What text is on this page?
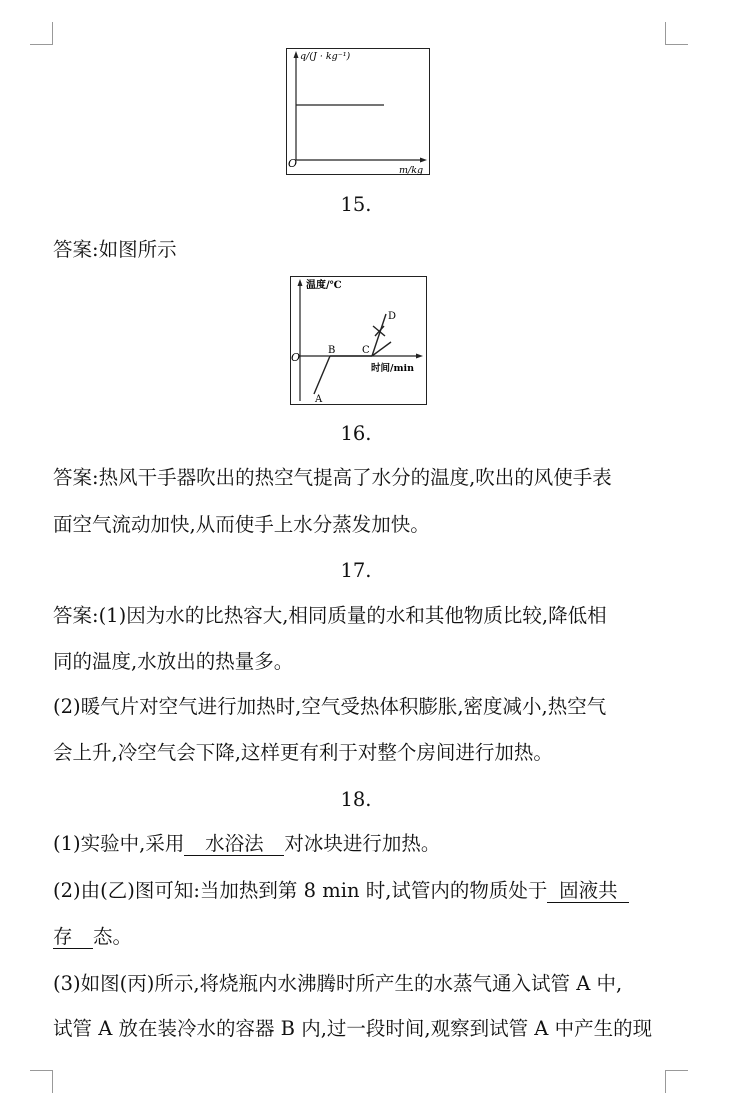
q/(J · kg⁻¹)
O
m/kg
15.
答案:如图所示
温度/℃
O
时间/min
A
B	C
D
16.
答案:热风干手器吹出的热空气提高了水分的温度,吹出的风使手表
面空气流动加快,从而使手上水分蒸发加快。
17.
答案:(1)因为水的比热容大,相同质量的水和其他物质比较,降低相
同的温度,水放出的热量多。
(2)暖气片对空气进行加热时,空气受热体积膨胀,密度减小,热空气
会上升,冷空气会下降,这样更有利于对整个房间进行加热。
18.
(1)实验中,采用 水浴法 对冰块进行加热。
(2)由(乙)图可知:当加热到第 8 min 时,试管内的物质处于 固液共
存 态。
(3)如图(丙)所示,将烧瓶内水沸腾时所产生的水蒸气通入试管 A 中,
试管 A 放在装冷水的容器 B 内,过一段时间,观察到试管 A 中产生的现
